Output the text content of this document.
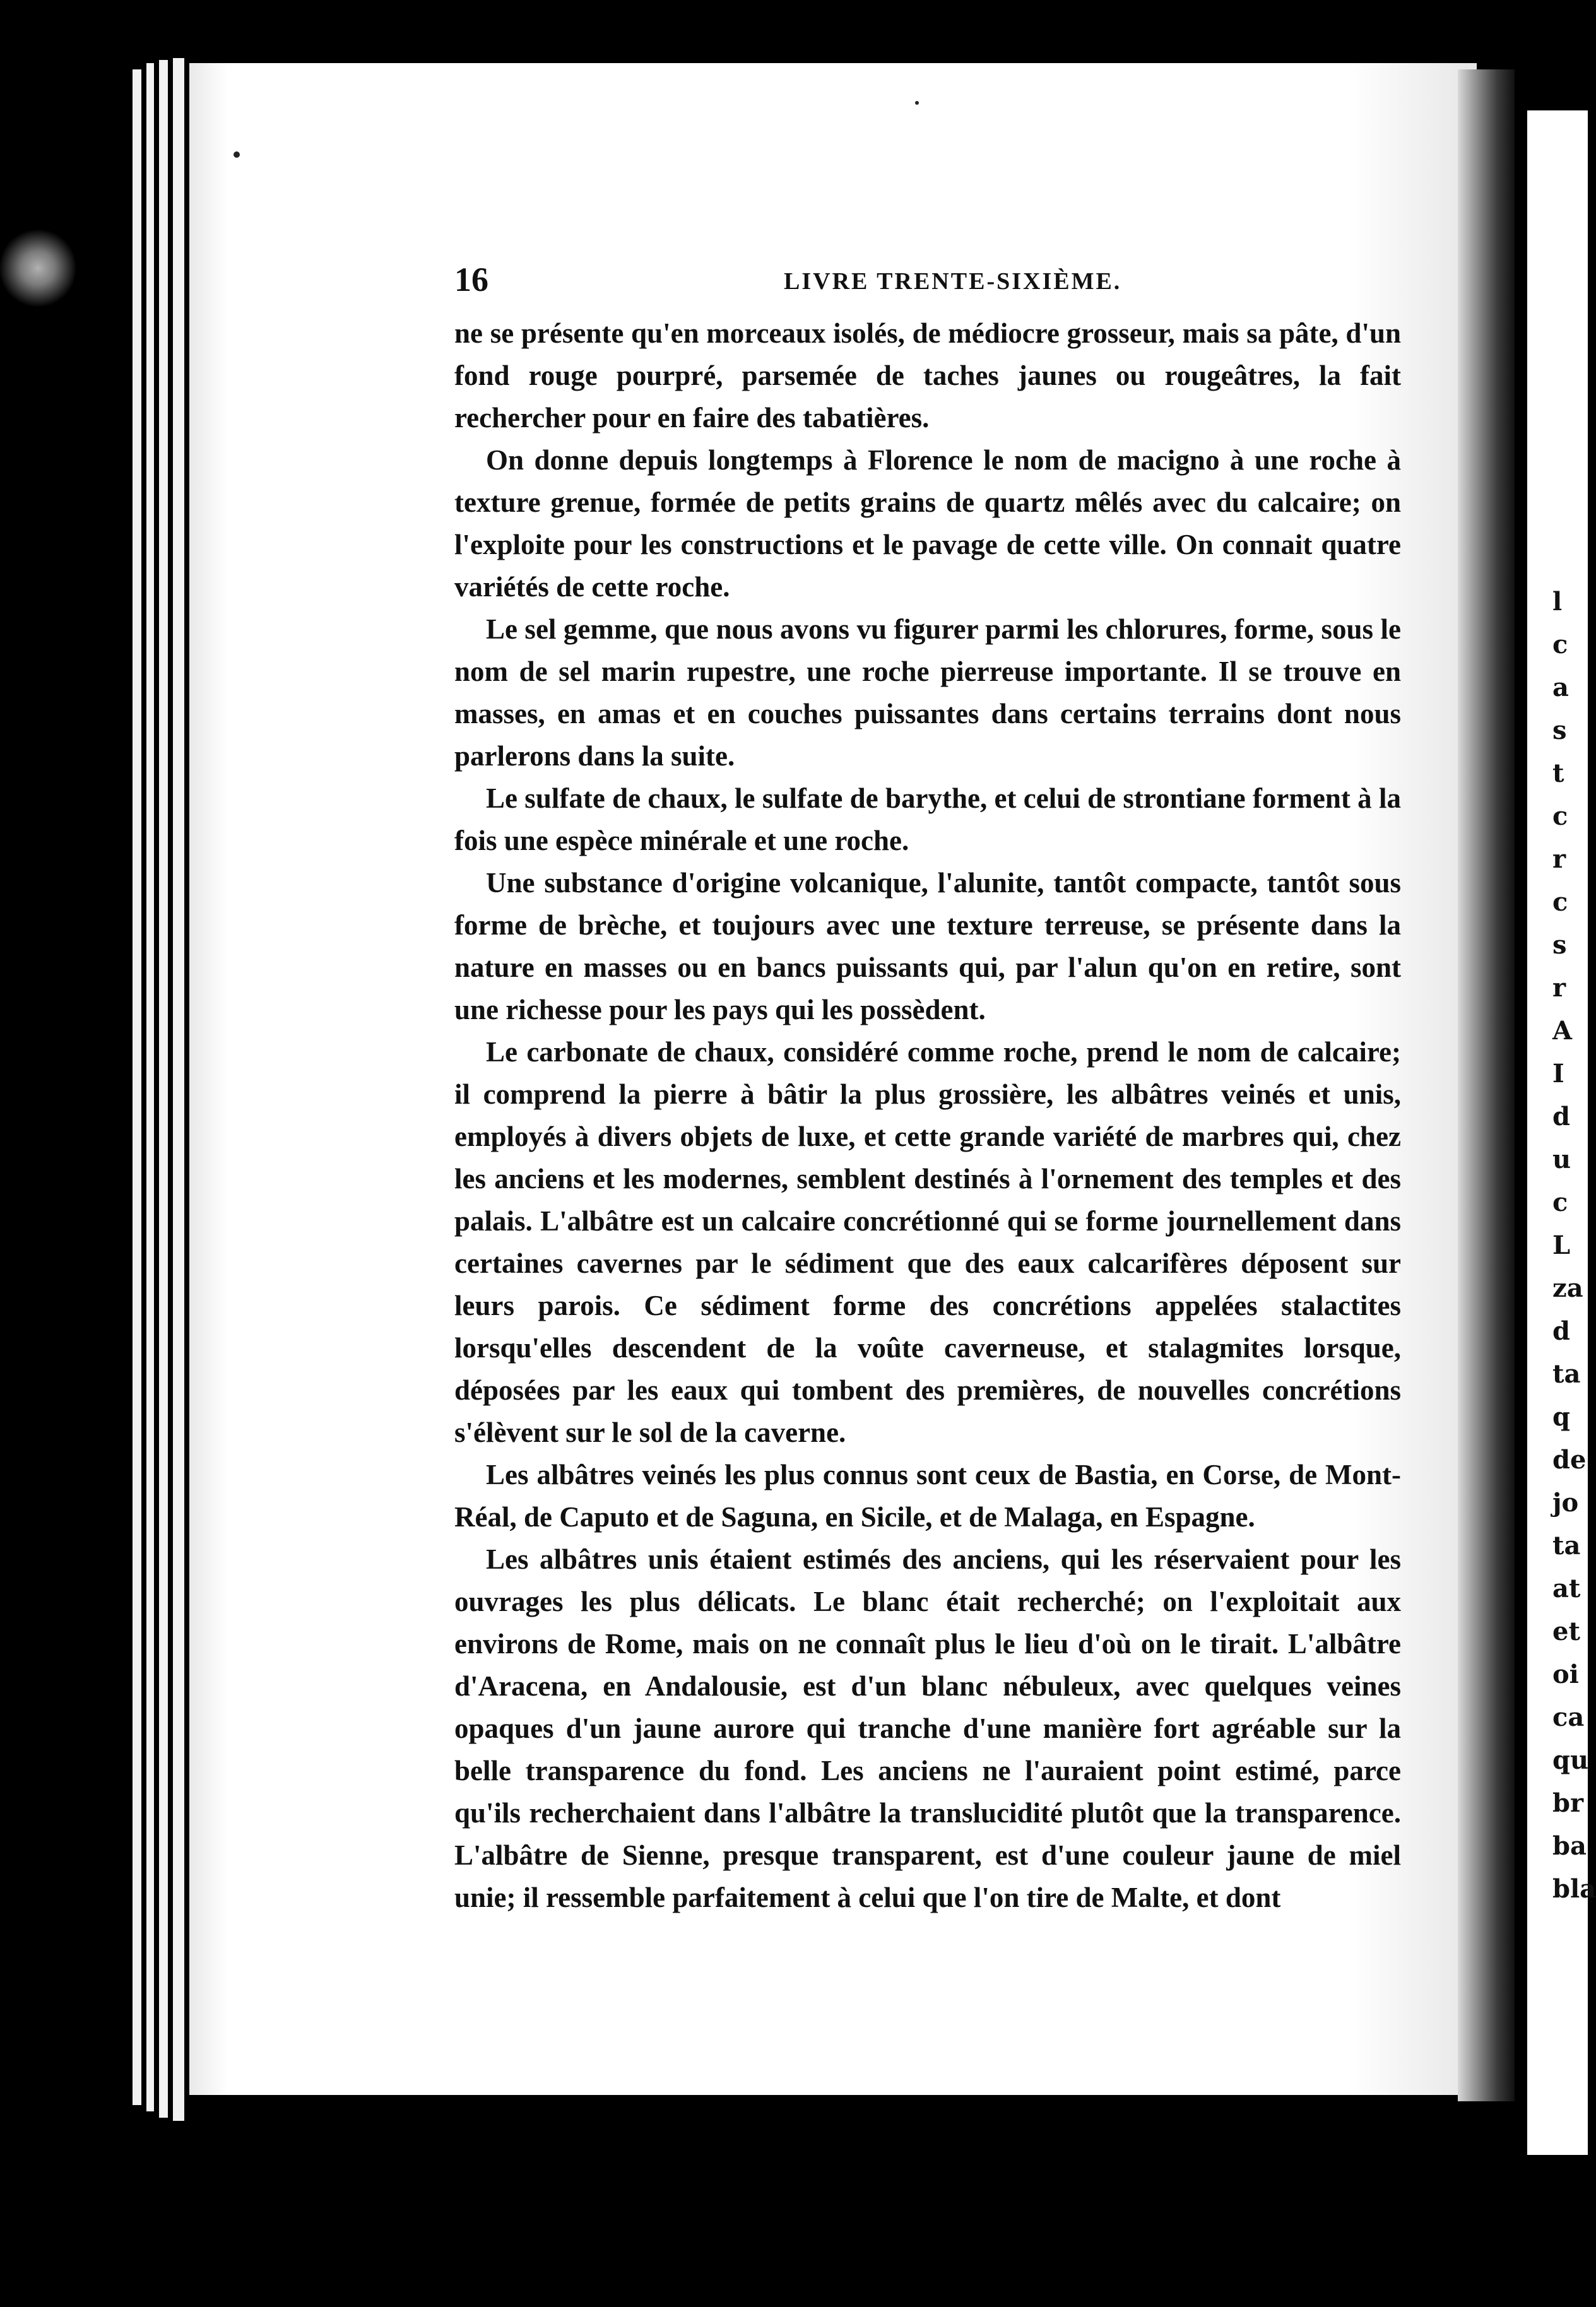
l
c
a
s
t
c
r
c
s
r
A
I
d
u
c
L
za
d
ta
q
de
jo
ta
at
et
oi
ca
qu
br
ba
bla
16	LIVRE TRENTE-SIXIÈME.

ne se présente qu'en morceaux isolés, de médiocre grosseur, mais sa pâte, d'un fond rouge pourpré, parsemée de taches jaunes ou rougeâtres, la fait rechercher pour en faire des tabatières.

On donne depuis longtemps à Florence le nom de macigno à une roche à texture grenue, formée de petits grains de quartz mêlés avec du calcaire; on l'exploite pour les constructions et le pavage de cette ville. On connait quatre variétés de cette roche.

Le sel gemme, que nous avons vu figurer parmi les chlorures, forme, sous le nom de sel marin rupestre, une roche pierreuse importante. Il se trouve en masses, en amas et en couches puissantes dans certains terrains dont nous parlerons dans la suite.

Le sulfate de chaux, le sulfate de barythe, et celui de strontiane forment à la fois une espèce minérale et une roche.

Une substance d'origine volcanique, l'alunite, tantôt compacte, tantôt sous forme de brèche, et toujours avec une texture terreuse, se présente dans la nature en masses ou en bancs puissants qui, par l'alun qu'on en retire, sont une richesse pour les pays qui les possèdent.

Le carbonate de chaux, considéré comme roche, prend le nom de calcaire; il comprend la pierre à bâtir la plus grossière, les albâtres veinés et unis, employés à divers objets de luxe, et cette grande variété de marbres qui, chez les anciens et les modernes, semblent destinés à l'ornement des temples et des palais. L'albâtre est un calcaire concrétionné qui se forme journellement dans certaines cavernes par le sédiment que des eaux calcarifères déposent sur leurs parois. Ce sédiment forme des concrétions appelées stalactites lorsqu'elles descendent de la voûte caverneuse, et stalagmites lorsque, déposées par les eaux qui tombent des premières, de nouvelles concrétions s'élèvent sur le sol de la caverne.

Les albâtres veinés les plus connus sont ceux de Bastia, en Corse, de Mont-Réal, de Caputo et de Saguna, en Sicile, et de Malaga, en Espagne.

Les albâtres unis étaient estimés des anciens, qui les réservaient pour les ouvrages les plus délicats. Le blanc était recherché; on l'exploitait aux environs de Rome, mais on ne connaît plus le lieu d'où on le tirait. L'albâtre d'Aracena, en Andalousie, est d'un blanc nébuleux, avec quelques veines opaques d'un jaune aurore qui tranche d'une manière fort agréable sur la belle transparence du fond. Les anciens ne l'auraient point estimé, parce qu'ils recherchaient dans l'albâtre la translucidité plutôt que la transparence. L'albâtre de Sienne, presque transparent, est d'une couleur jaune de miel unie; il ressemble parfaitement à celui que l'on tire de Malte, et dont
